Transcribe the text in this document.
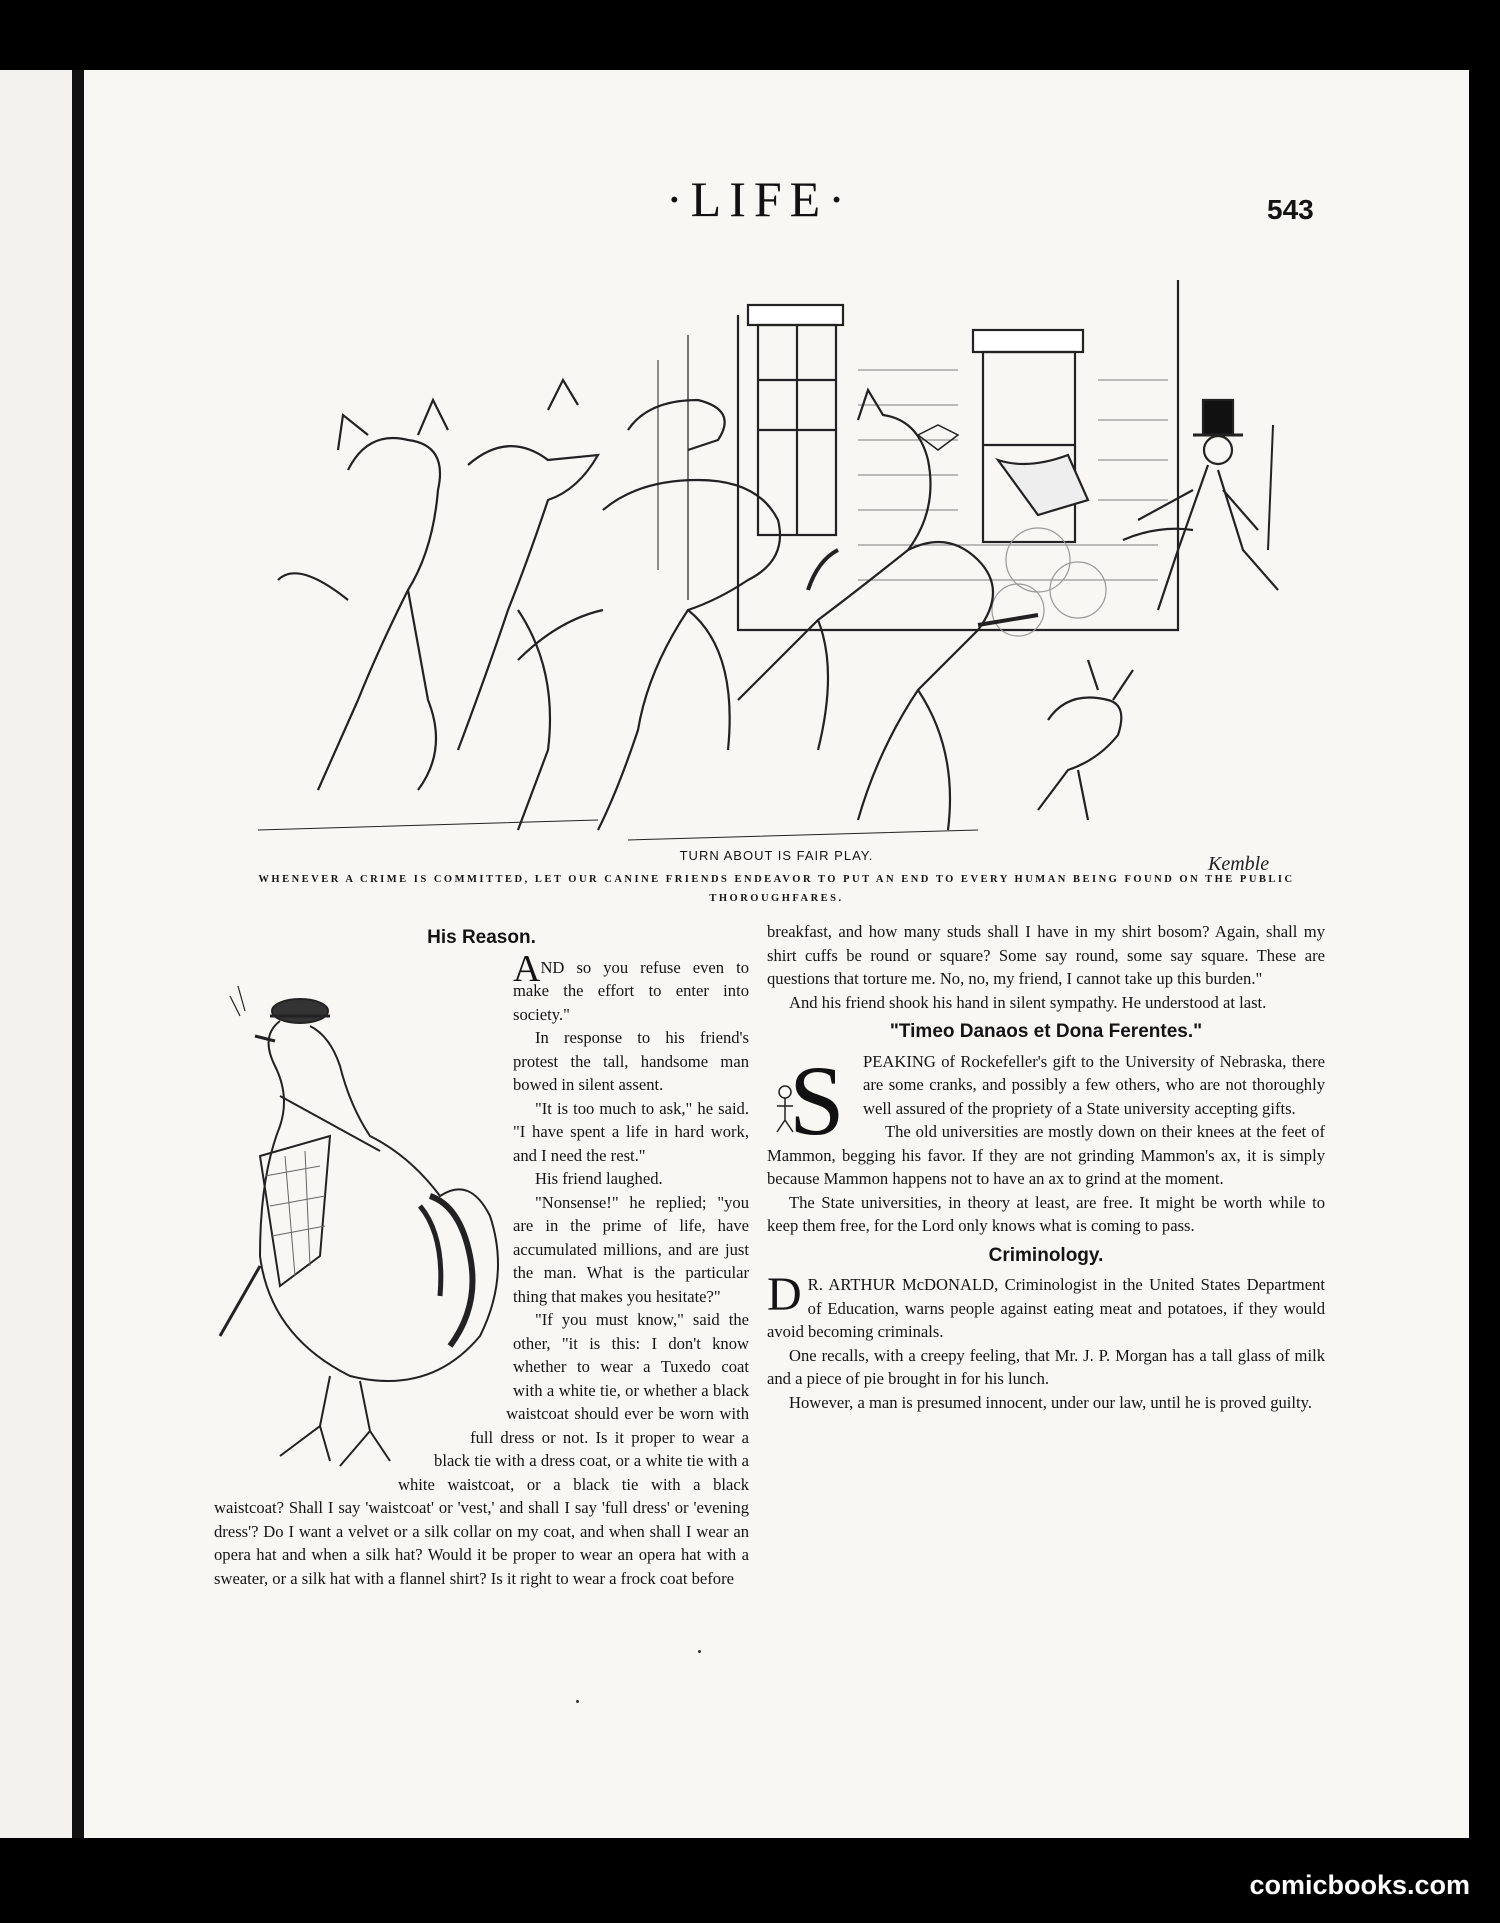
·LIFE·	543
Kemble
TURN ABOUT IS FAIR PLAY.
WHENEVER A CRIME IS COMMITTED, LET OUR CANINE FRIENDS ENDEAVOR TO PUT AN END TO EVERY HUMAN BEING FOUND ON THE PUBLIC THOROUGHFARES.

His Reason.

AND so you refuse even to make the effort to enter into society."

In response to his friend's protest the tall, handsome man bowed in silent assent.

"It is too much to ask," he said. "I have spent a life in hard work, and I need the rest."

His friend laughed.

"Nonsense!" he replied; "you are in the prime of life, have accumulated millions, and are just the man. What is the particular thing that makes you hesitate?"

"If you must know," said the other, "it is this: I don't know whether to wear a Tuxedo coat with a white tie, or whether a black waistcoat should ever be worn with full dress or not. Is it proper to wear a black tie with a dress coat, or a white tie with a white waistcoat, or a black tie with a black waistcoat? Shall I say 'waistcoat' or 'vest,' and shall I say 'full dress' or 'evening dress'? Do I want a velvet or a silk collar on my coat, and when shall I wear an opera hat and when a silk hat? Would it be proper to wear an opera hat with a sweater, or a silk hat with a flannel shirt? Is it right to wear a frock coat before

breakfast, and how many studs shall I have in my shirt bosom? Again, shall my shirt cuffs be round or square? Some say round, some say square. These are questions that torture me. No, no, my friend, I cannot take up this burden."

And his friend shook his hand in silent sympathy. He understood at last.

"Timeo Danaos et Dona Ferentes."

S	PEAKING of Rockefeller's gift to the University of Nebraska, there are some cranks, and possibly a few others, who are not thoroughly well assured of the propriety of a State university accepting gifts.

The old universities are mostly down on their knees at the feet of Mammon, begging his favor. If they are not grinding Mammon's ax, it is simply because Mammon happens not to have an ax to grind at the moment.

The State universities, in theory at least, are free. It might be worth while to keep them free, for the Lord only knows what is coming to pass.

Criminology.

D R. ARTHUR McDONALD, Criminologist in the United States Department of Education, warns people against eating meat and potatoes, if they would avoid becoming criminals.

One recalls, with a creepy feeling, that Mr. J. P. Morgan has a tall glass of milk and a piece of pie brought in for his lunch.

However, a man is presumed innocent, under our law, until he is proved guilty.

comicbooks.com
